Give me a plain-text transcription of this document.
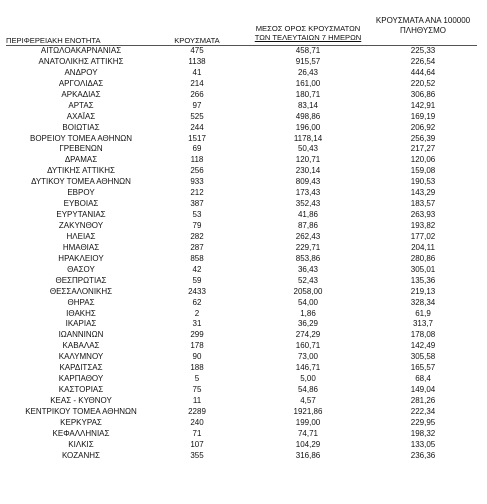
ΠΕΡΙΦΕΡΕΙΑΚΗ ΕΝΟΤΗΤΑ	ΚΡΟΥΣΜΑΤΑ
ΜΕΣΟΣ ΟΡΟΣ ΚΡΟΥΣΜΑΤΩΝ
ΤΩΝ ΤΕΛΕΥΤΑΙΩΝ 7 ΗΜΕΡΩΝ
ΚΡΟΥΣΜΑΤΑ ΑΝΑ 100000
ΠΛΗΘΥΣΜΟ
ΑΙΤΩΛΟΑΚΑΡΝΑΝΙΑΣ	475	458,71	225,33
ΑΝΑΤΟΛΙΚΗΣ ΑΤΤΙΚΗΣ	1138	915,57	226,54
ΑΝΔΡΟΥ	41	26,43	444,64
ΑΡΓΟΛΙΔΑΣ	214	161,00	220,52
ΑΡΚΑΔΙΑΣ	266	180,71	306,86
ΑΡΤΑΣ	97	83,14	142,91
ΑΧΑΪΑΣ	525	498,86	169,19
ΒΟΙΩΤΙΑΣ	244	196,00	206,92
ΒΟΡΕΙΟΥ ΤΟΜΕΑ ΑΘΗΝΩΝ	1517	1178,14	256,39
ΓΡΕΒΕΝΩΝ	69	50,43	217,27
ΔΡΑΜΑΣ	118	120,71	120,06
ΔΥΤΙΚΗΣ ΑΤΤΙΚΗΣ	256	230,14	159,08
ΔΥΤΙΚΟΥ ΤΟΜΕΑ ΑΘΗΝΩΝ	933	809,43	190,53
ΕΒΡΟΥ	212	173,43	143,29
ΕΥΒΟΙΑΣ	387	352,43	183,57
ΕΥΡΥΤΑΝΙΑΣ	53	41,86	263,93
ΖΑΚΥΝΘΟΥ	79	87,86	193,82
ΗΛΕΙΑΣ	282	262,43	177,02
ΗΜΑΘΙΑΣ	287	229,71	204,11
ΗΡΑΚΛΕΙΟΥ	858	853,86	280,86
ΘΑΣΟΥ	42	36,43	305,01
ΘΕΣΠΡΩΤΙΑΣ	59	52,43	135,36
ΘΕΣΣΑΛΟΝΙΚΗΣ	2433	2058,00	219,13
ΘΗΡΑΣ	62	54,00	328,34
ΙΘΑΚΗΣ	2	1,86	61,9
ΙΚΑΡΙΑΣ	31	36,29	313,7
ΙΩΑΝΝΙΝΩΝ	299	274,29	178,08
ΚΑΒΑΛΑΣ	178	160,71	142,49
ΚΑΛΥΜΝΟΥ	90	73,00	305,58
ΚΑΡΔΙΤΣΑΣ	188	146,71	165,57
ΚΑΡΠΑΘΟΥ	5	5,00	68,4
ΚΑΣΤΟΡΙΑΣ	75	54,86	149,04
ΚΕΑΣ - ΚΥΘΝΟΥ	11	4,57	281,26
ΚΕΝΤΡΙΚΟΥ ΤΟΜΕΑ ΑΘΗΝΩΝ	2289	1921,86	222,34
ΚΕΡΚΥΡΑΣ	240	199,00	229,95
ΚΕΦΑΛΛΗΝΙΑΣ	71	74,71	198,32
ΚΙΛΚΙΣ	107	104,29	133,05
ΚΟΖΑΝΗΣ	355	316,86	236,36
